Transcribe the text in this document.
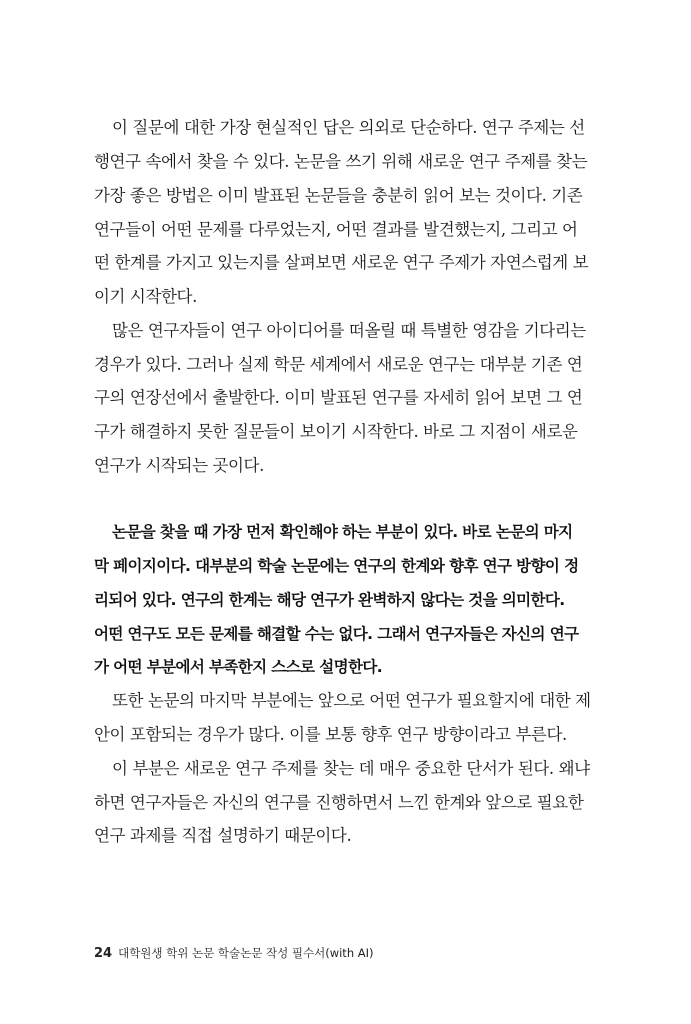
이 질문에 대한 가장 현실적인 답은 의외로 단순하다. 연구 주제는 선
행연구 속에서 찾을 수 있다. 논문을 쓰기 위해 새로운 연구 주제를 찾는
가장 좋은 방법은 이미 발표된 논문들을 충분히 읽어 보는 것이다. 기존
연구들이 어떤 문제를 다루었는지, 어떤 결과를 발견했는지, 그리고 어
떤 한계를 가지고 있는지를 살펴보면 새로운 연구 주제가 자연스럽게 보
이기 시작한다.
많은 연구자들이 연구 아이디어를 떠올릴 때 특별한 영감을 기다리는
경우가 있다. 그러나 실제 학문 세계에서 새로운 연구는 대부분 기존 연
구의 연장선에서 출발한다. 이미 발표된 연구를 자세히 읽어 보면 그 연
구가 해결하지 못한 질문들이 보이기 시작한다. 바로 그 지점이 새로운
연구가 시작되는 곳이다.
논문을 찾을 때 가장 먼저 확인해야 하는 부분이 있다. 바로 논문의 마지
막 페이지이다. 대부분의 학술 논문에는 연구의 한계와 향후 연구 방향이 정
리되어 있다. 연구의 한계는 해당 연구가 완벽하지 않다는 것을 의미한다.
어떤 연구도 모든 문제를 해결할 수는 없다. 그래서 연구자들은 자신의 연구
가 어떤 부분에서 부족한지 스스로 설명한다.
또한 논문의 마지막 부분에는 앞으로 어떤 연구가 필요할지에 대한 제
안이 포함되는 경우가 많다. 이를 보통 향후 연구 방향이라고 부른다.
이 부분은 새로운 연구 주제를 찾는 데 매우 중요한 단서가 된다. 왜냐
하면 연구자들은 자신의 연구를 진행하면서 느낀 한계와 앞으로 필요한
연구 과제를 직접 설명하기 때문이다.
24 대학원생 학위 논문 학술논문 작성 필수서(with AI)
